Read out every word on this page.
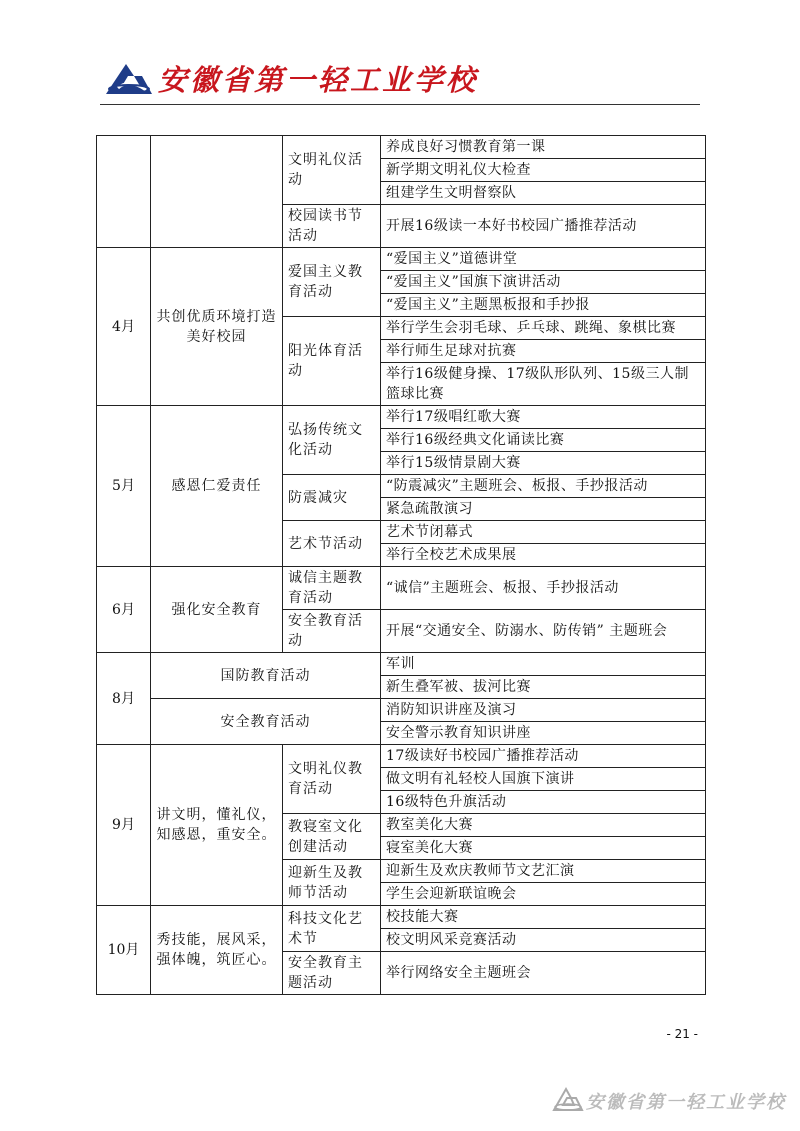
安徽省第一轻工业学校
		文明礼仪活动	养成良好习惯教育第一课
			新学期文明礼仪大检查
			组建学生文明督察队
		校园读书节活动	开展16级读一本好书校园广播推荐活动
4月	共创优质环境打造美好校园	爱国主义教育活动	“爱国主义”道德讲堂
			“爱国主义”国旗下演讲活动
			“爱国主义”主题黑板报和手抄报
		阳光体育活动	举行学生会羽毛球、乒乓球、跳绳、象棋比赛
			举行师生足球对抗赛
			举行16级健身操、17级队形队列、15级三人制篮球比赛
5月	感恩仁爱责任	弘扬传统文化活动	举行17级唱红歌大赛
			举行16级经典文化诵读比赛
			举行15级情景剧大赛
		防震减灾	“防震减灾”主题班会、板报、手抄报活动
			紧急疏散演习
		艺术节活动	艺术节闭幕式
			举行全校艺术成果展
6月	强化安全教育	诚信主题教育活动	“诚信”主题班会、板报、手抄报活动
		安全教育活动	开展“交通安全、防溺水、防传销” 主题班会
8月	国防教育活动		军训
			新生叠军被、拔河比赛
	安全教育活动		消防知识讲座及演习
			安全警示教育知识讲座
9月	讲文明，懂礼仪，知感恩，重安全。	文明礼仪教育活动	17级读好书校园广播推荐活动
			做文明有礼轻校人国旗下演讲
			16级特色升旗活动
		教寝室文化创建活动	教室美化大赛
			寝室美化大赛
		迎新生及教师节活动	迎新生及欢庆教师节文艺汇演
			学生会迎新联谊晚会
10月	秀技能，展风采，强体魄，筑匠心。	科技文化艺术节	校技能大赛
			校文明风采竞赛活动
		安全教育主题活动	举行网络安全主题班会
- 21 -
安徽省第一轻工业学校
